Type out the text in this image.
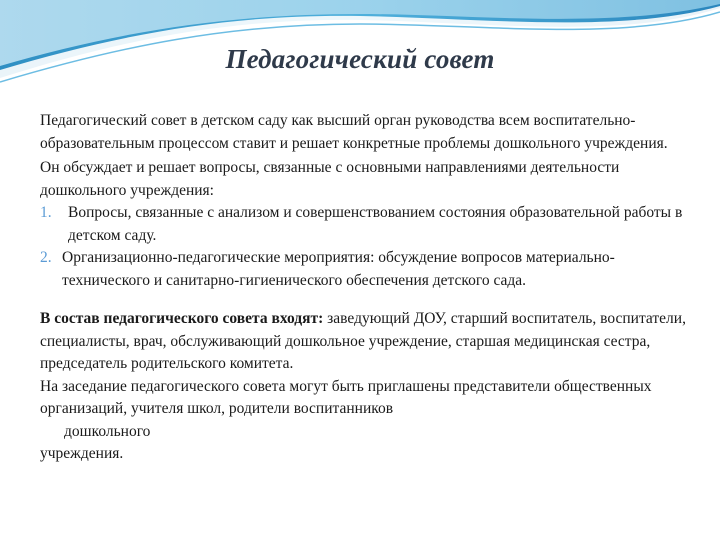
Педагогический совет

Педагогический совет в детском саду как высший орган руководства всем воспитательно-образовательным процессом ставит и решает конкретные проблемы дошкольного учреждения.

Он обсуждает и решает вопросы, связанные с основными направлениями деятельности дошкольного учреждения:

1. Вопросы, связанные с анализом и совершенствованием состояния образовательной работы в детском саду.
2. Организационно-педагогические мероприятия: обсуждение вопросов материально-технического и санитарно-гигиенического обеспечения детского сада.

В состав педагогического совета входят: заведующий ДОУ, старший воспитатель, воспитатели, специалисты, врач, обслуживающий дошкольное учреждение, старшая медицинская сестра, председатель родительского комитета.

На заседание педагогического совета могут быть приглашены представители общественных организаций, учителя школ, родители воспитанников
дошкольного
учреждения.
